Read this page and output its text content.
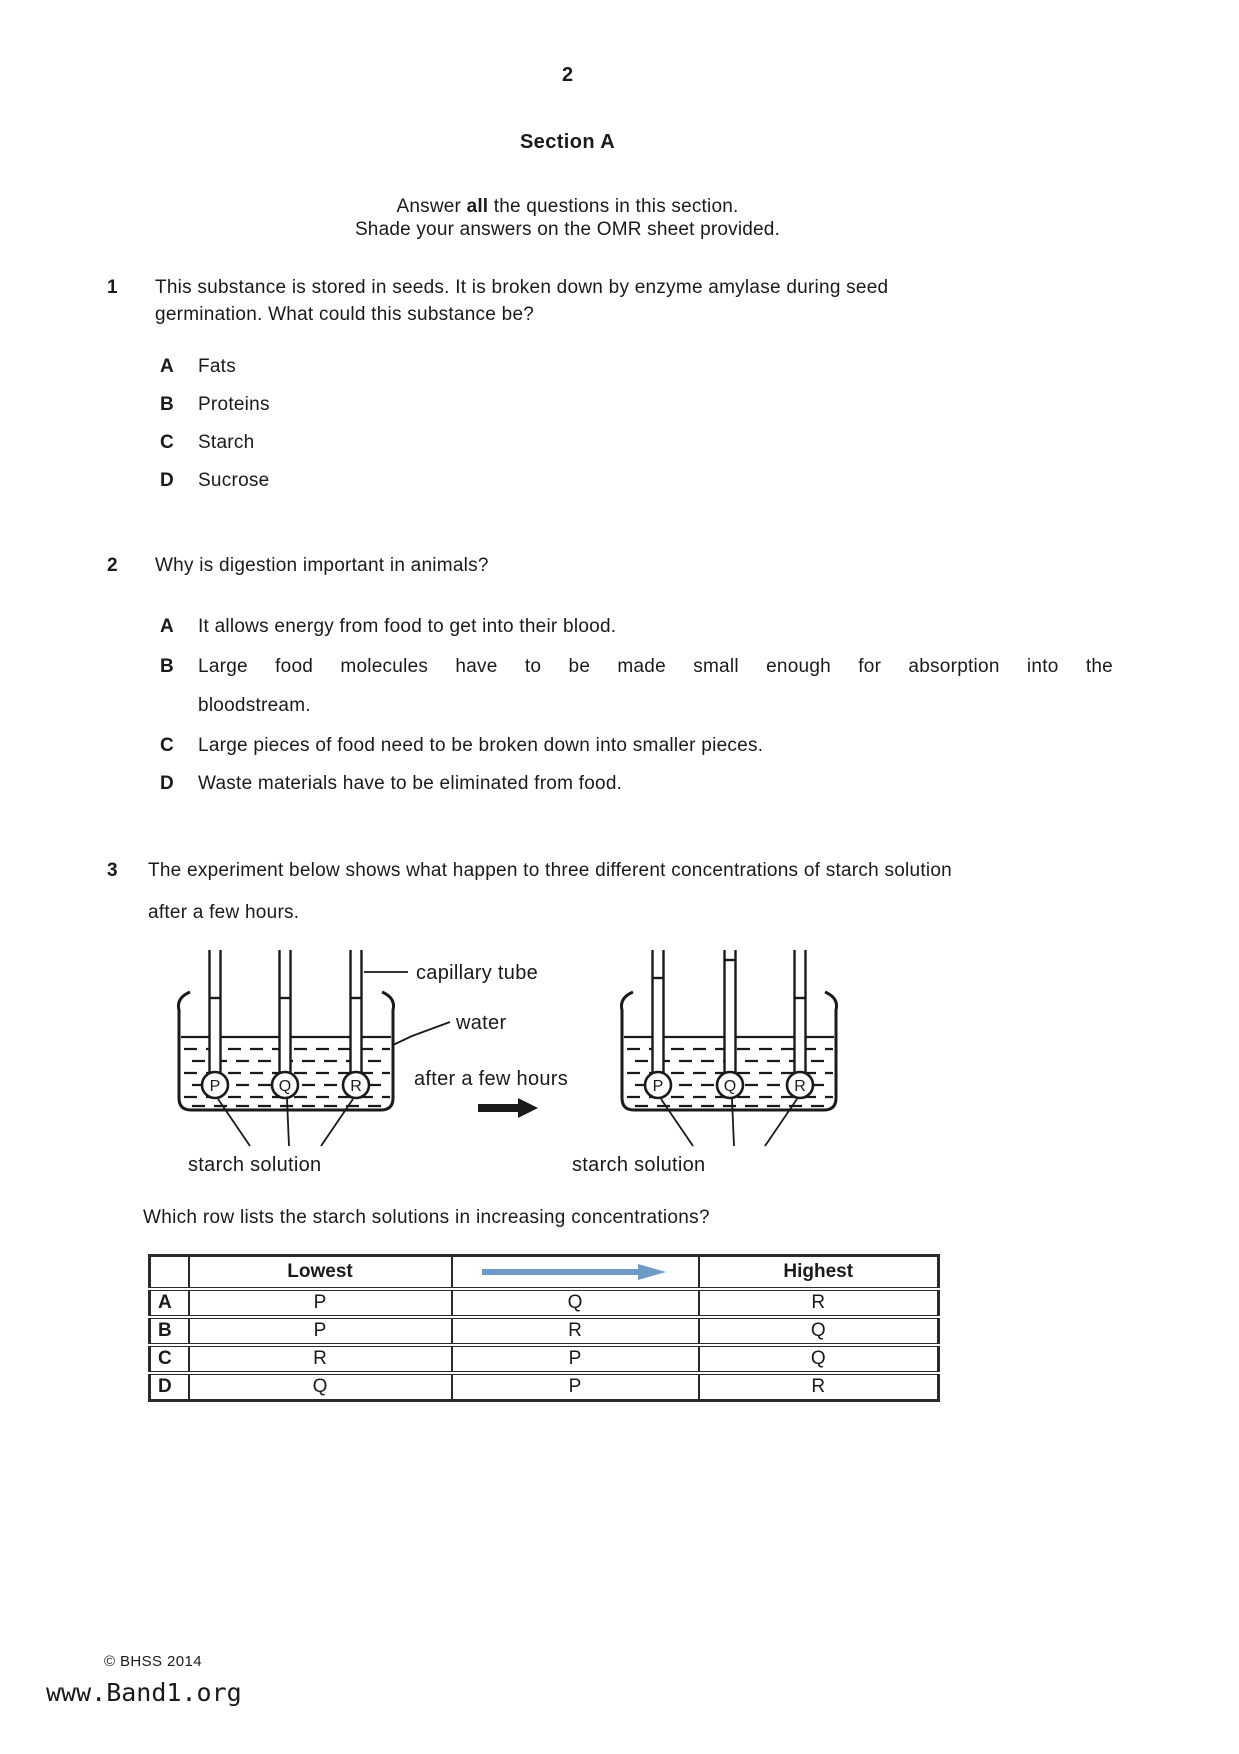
2
Section A
Answer all the questions in this section.
Shade your answers on the OMR sheet provided.
1	This substance is stored in seeds. It is broken down by enzyme amylase during seed
germination. What could this substance be?
A	Fats
B	Proteins
C	Starch
D	Sucrose
2	Why is digestion important in animals?
A	It allows energy from food to get into their blood.
B	Large food molecules have to be made small enough for absorption into the
bloodstream.
C	Large pieces of food need to be broken down into smaller pieces.
D	Waste materials have to be eliminated from food.
3	The experiment below shows what happen to three different concentrations of starch solution
after a few hours.
P	Q	R
capillary tube
water
after a few hours	P	Q	R
starch solution	starch solution
Which row lists the starch solutions in increasing concentrations?
	Lowest		Highest
A	P	Q	R
B	P	R	Q
C	R	P	Q
D	Q	P	R
© BHSS 2014
www.Band1.org
